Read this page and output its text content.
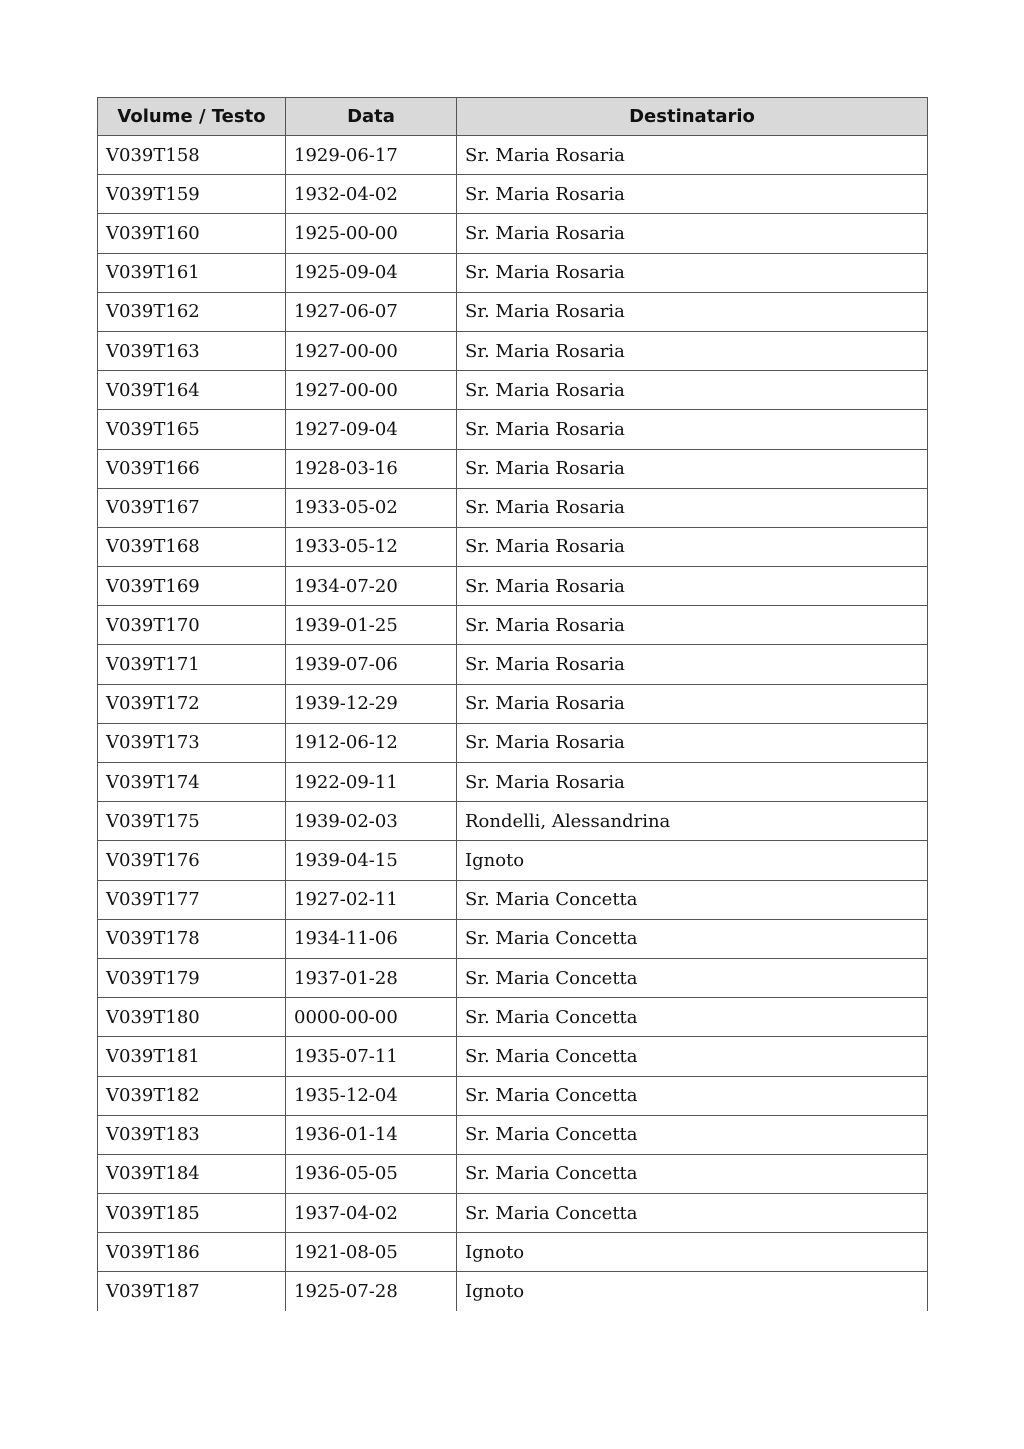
Volume / Testo	Data	Destinatario
V039T158	1929-06-17	Sr. Maria Rosaria
V039T159	1932-04-02	Sr. Maria Rosaria
V039T160	1925-00-00	Sr. Maria Rosaria
V039T161	1925-09-04	Sr. Maria Rosaria
V039T162	1927-06-07	Sr. Maria Rosaria
V039T163	1927-00-00	Sr. Maria Rosaria
V039T164	1927-00-00	Sr. Maria Rosaria
V039T165	1927-09-04	Sr. Maria Rosaria
V039T166	1928-03-16	Sr. Maria Rosaria
V039T167	1933-05-02	Sr. Maria Rosaria
V039T168	1933-05-12	Sr. Maria Rosaria
V039T169	1934-07-20	Sr. Maria Rosaria
V039T170	1939-01-25	Sr. Maria Rosaria
V039T171	1939-07-06	Sr. Maria Rosaria
V039T172	1939-12-29	Sr. Maria Rosaria
V039T173	1912-06-12	Sr. Maria Rosaria
V039T174	1922-09-11	Sr. Maria Rosaria
V039T175	1939-02-03	Rondelli, Alessandrina
V039T176	1939-04-15	Ignoto
V039T177	1927-02-11	Sr. Maria Concetta
V039T178	1934-11-06	Sr. Maria Concetta
V039T179	1937-01-28	Sr. Maria Concetta
V039T180	0000-00-00	Sr. Maria Concetta
V039T181	1935-07-11	Sr. Maria Concetta
V039T182	1935-12-04	Sr. Maria Concetta
V039T183	1936-01-14	Sr. Maria Concetta
V039T184	1936-05-05	Sr. Maria Concetta
V039T185	1937-04-02	Sr. Maria Concetta
V039T186	1921-08-05	Ignoto
V039T187	1925-07-28	Ignoto
